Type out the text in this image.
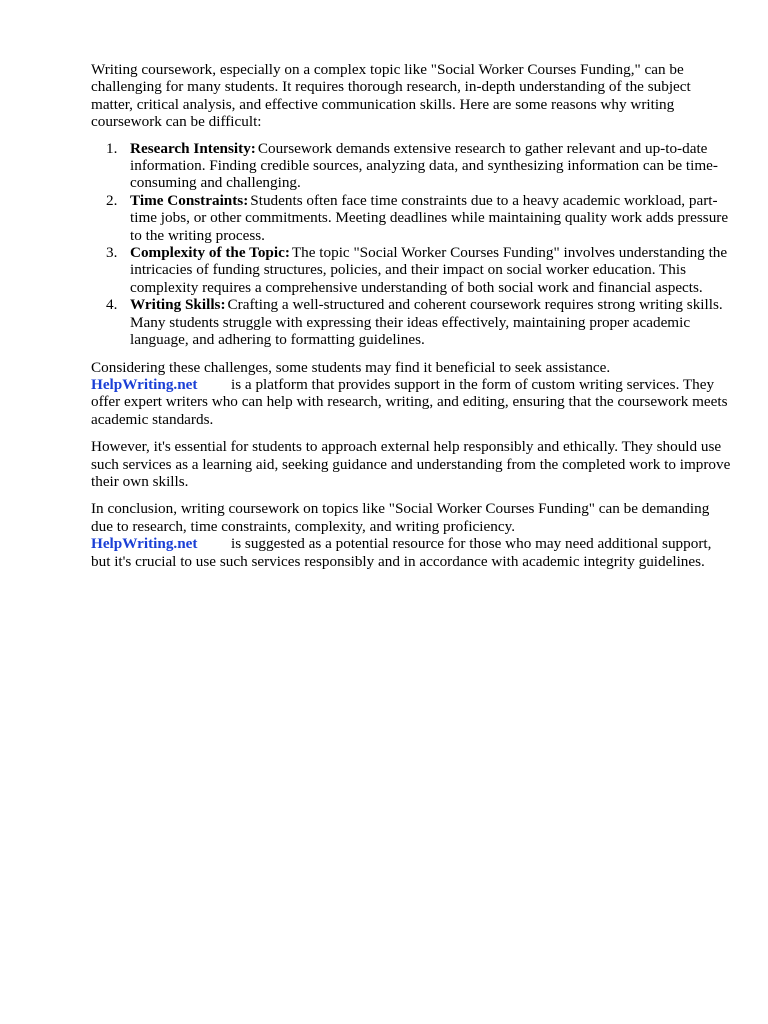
Writing coursework, especially on a complex topic like "Social Worker Courses Funding," can be challenging for many students. It requires thorough research, in-depth understanding of the subject matter, critical analysis, and effective communication skills. Here are some reasons why writing coursework can be difficult:

1. Research Intensity: Coursework demands extensive research to gather relevant and up-to-date information. Finding credible sources, analyzing data, and synthesizing information can be time-consuming and challenging.
2. Time Constraints: Students often face time constraints due to a heavy academic workload, part-time jobs, or other commitments. Meeting deadlines while maintaining quality work adds pressure to the writing process.
3. Complexity of the Topic: The topic "Social Worker Courses Funding" involves understanding the intricacies of funding structures, policies, and their impact on social worker education. This complexity requires a comprehensive understanding of both social work and financial aspects.
4. Writing Skills: Crafting a well-structured and coherent coursework requires strong writing skills. Many students struggle with expressing their ideas effectively, maintaining proper academic language, and adhering to formatting guidelines.

Considering these challenges, some students may find it beneficial to seek assistance.
HelpWriting.net is a platform that provides support in the form of custom writing services. They offer expert writers who can help with research, writing, and editing, ensuring that the coursework meets academic standards.

However, it's essential for students to approach external help responsibly and ethically. They should use such services as a learning aid, seeking guidance and understanding from the completed work to improve their own skills.

In conclusion, writing coursework on topics like "Social Worker Courses Funding" can be demanding due to research, time constraints, complexity, and writing proficiency.
HelpWriting.net is suggested as a potential resource for those who may need additional support, but it's crucial to use such services responsibly and in accordance with academic integrity guidelines.
